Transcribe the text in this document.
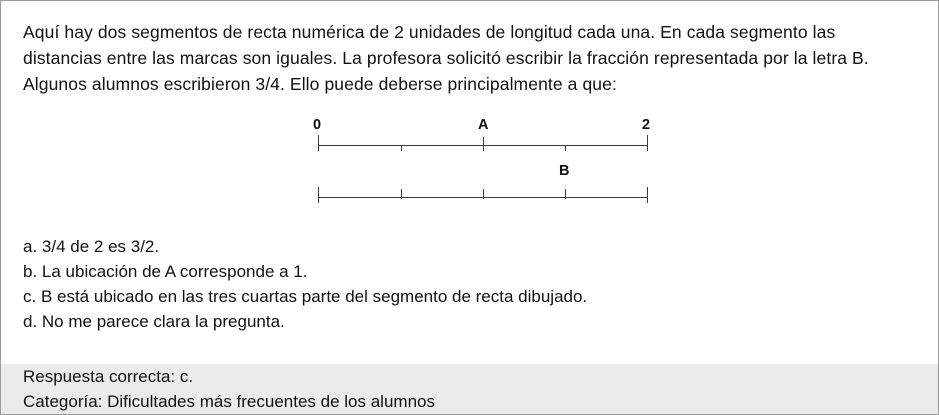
Aquí hay dos segmentos de recta numérica de 2 unidades de longitud cada una. En cada segmento las distancias entre las marcas son iguales. La profesora solicitó escribir la fracción representada por la letra B. Algunos alumnos escribieron 3/4. Ello puede deberse principalmente a que:
0	A	2
B
a. 3/4 de 2 es 3/2.
b. La ubicación de A corresponde a 1.
c. B está ubicado en las tres cuartas parte del segmento de recta dibujado.
d. No me parece clara la pregunta.
Respuesta correcta: c.
Categoría: Dificultades más frecuentes de los alumnos
